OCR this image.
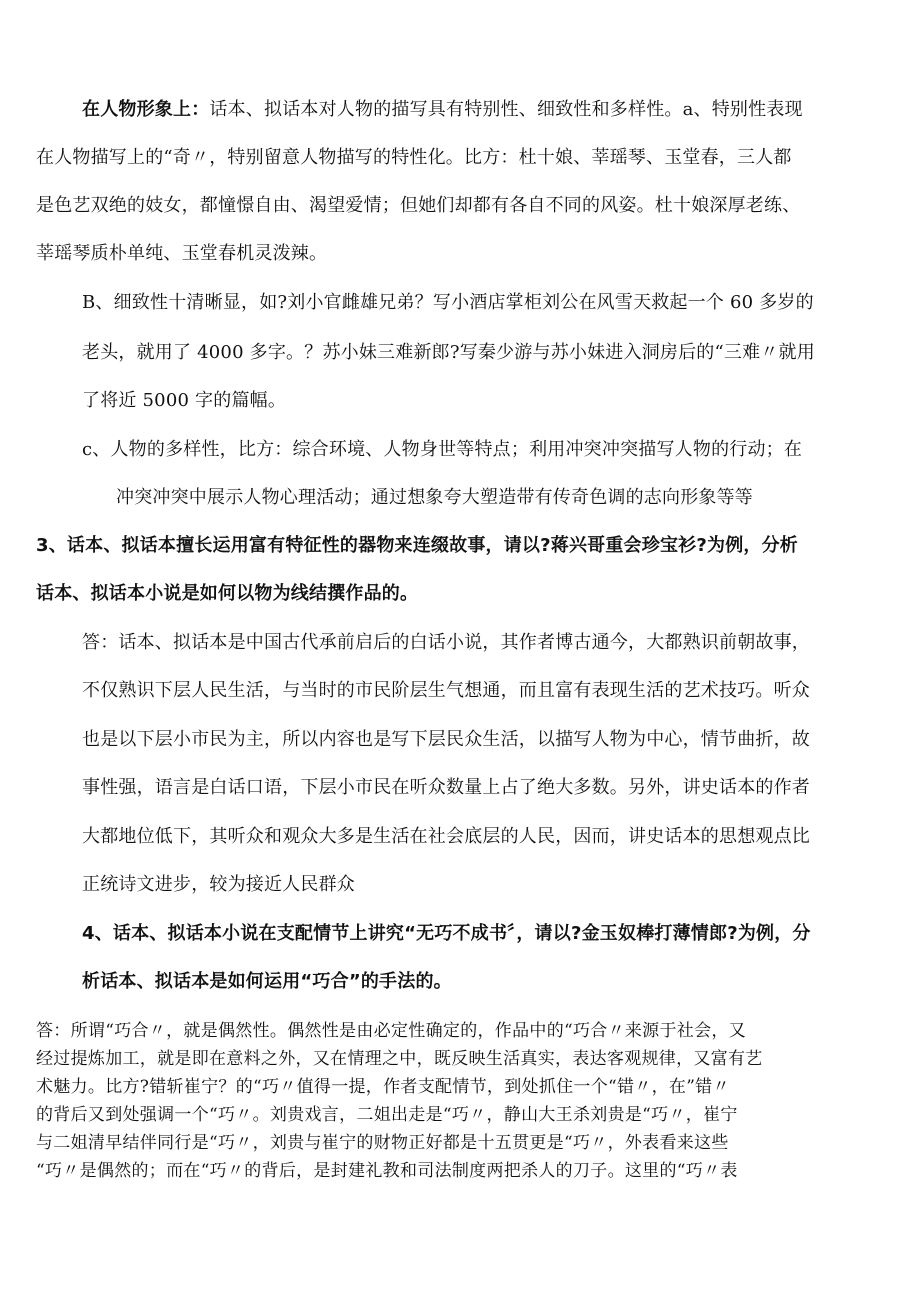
在人物形象上：话本、拟话本对人物的描写具有特别性、细致性和多样性。a、特别性表现
在人物描写上的“奇〃，特别留意人物描写的特性化。比方：杜十娘、莘瑶琴、玉堂春，三人都
是色艺双绝的妓女，都憧憬自由、渴望爱情；但她们却都有各自不同的风姿。杜十娘深厚老练、
莘瑶琴质朴单纯、玉堂春机灵泼辣。
B、细致性十清晰显，如?刘小官雌雄兄弟？写小酒店掌柜刘公在风雪天救起一个 60 多岁的
老头，就用了 4000 多字。？苏小妹三难新郎?写秦少游与苏小妹进入洞房后的“三难〃就用
了将近 5000 字的篇幅。
c、人物的多样性，比方：综合环境、人物身世等特点；利用冲突冲突描写人物的行动；在
冲突冲突中展示人物心理活动；通过想象夸大塑造带有传奇色调的志向形象等等
3、话本、拟话本擅长运用富有特征性的器物来连缀故事，请以?蒋兴哥重会珍宝衫?为例，分析
话本、拟话本小说是如何以物为线结撰作品的。
答：话本、拟话本是中国古代承前启后的白话小说，其作者博古通今，大都熟识前朝故事，
不仅熟识下层人民生活，与当时的市民阶层生气想通，而且富有表现生活的艺术技巧。听众
也是以下层小市民为主，所以内容也是写下层民众生活，以描写人物为中心，情节曲折，故
事性强，语言是白话口语，下层小市民在听众数量上占了绝大多数。另外，讲史话本的作者
大都地位低下，其听众和观众大多是生活在社会底层的人民，因而，讲史话本的思想观点比
正统诗文进步，较为接近人民群众
4、话本、拟话本小说在支配情节上讲究“无巧不成书〞，请以?金玉奴棒打薄情郎?为例，分
析话本、拟话本是如何运用“巧合”的手法的。
答：所谓“巧合〃，就是偶然性。偶然性是由必定性确定的，作品中的“巧合〃来源于社会，又
经过提炼加工，就是即在意料之外，又在情理之中，既反映生活真实，表达客观规律，又富有艺
术魅力。比方?错斩崔宁？的“巧〃值得一提，作者支配情节，到处抓住一个“错〃，在”错〃
的背后又到处强调一个“巧〃。刘贵戏言，二姐出走是“巧〃，静山大王杀刘贵是“巧〃，崔宁
与二姐清早结伴同行是“巧〃，刘贵与崔宁的财物正好都是十五贯更是“巧〃，外表看来这些
“巧〃是偶然的；而在“巧〃的背后，是封建礼教和司法制度两把杀人的刀子。这里的“巧〃表
